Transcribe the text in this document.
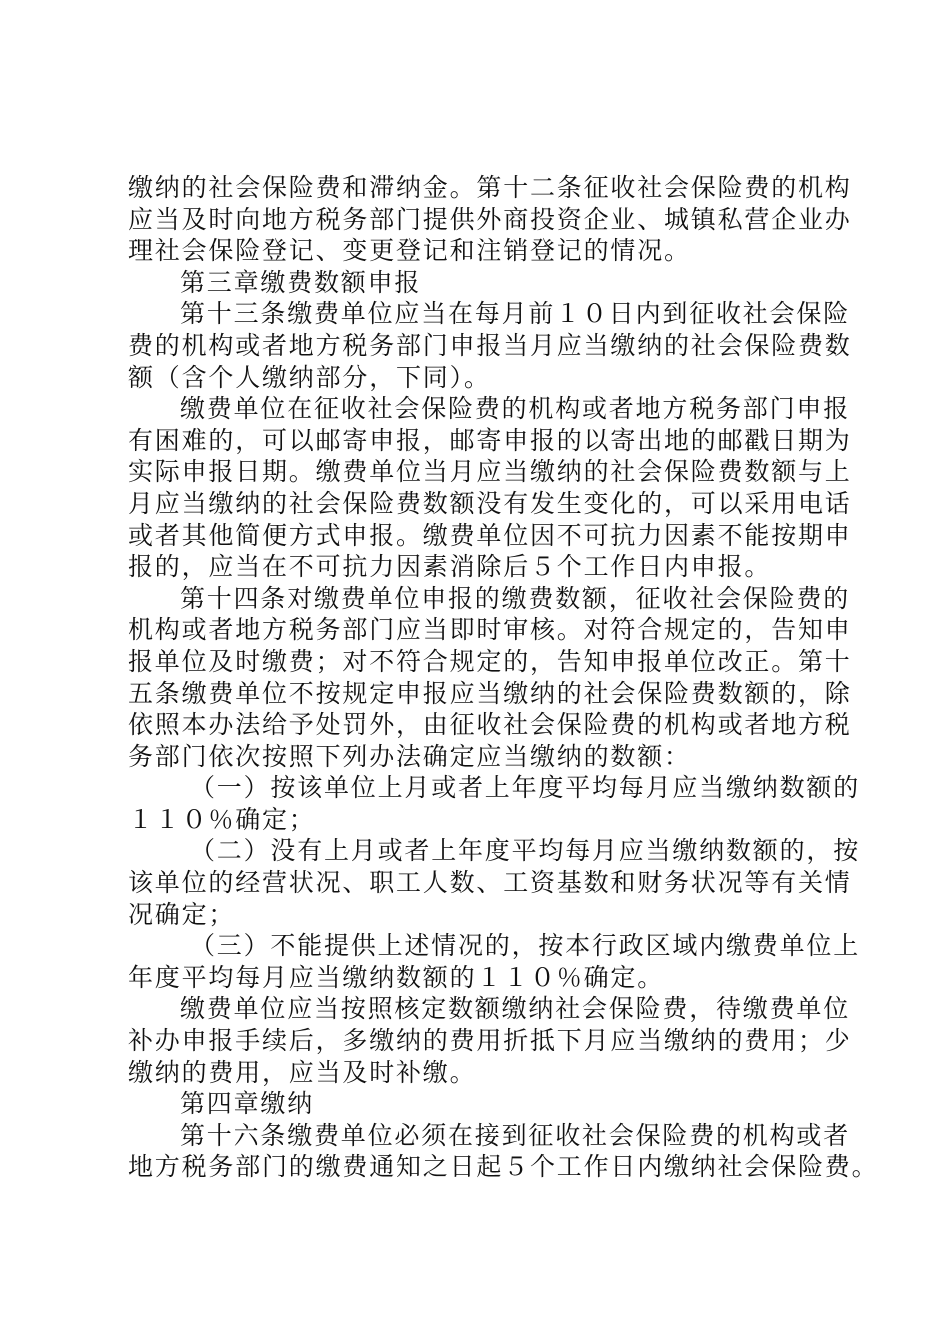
缴纳的社会保险费和滞纳金。第十二条征收社会保险费的机构
应当及时向地方税务部门提供外商投资企业、城镇私营企业办
理社会保险登记、变更登记和注销登记的情况。
第三章缴费数额申报
第十三条缴费单位应当在每月前１０日内到征收社会保险
费的机构或者地方税务部门申报当月应当缴纳的社会保险费数
额（含个人缴纳部分，下同）。
缴费单位在征收社会保险费的机构或者地方税务部门申报
有困难的，可以邮寄申报，邮寄申报的以寄出地的邮戳日期为
实际申报日期。缴费单位当月应当缴纳的社会保险费数额与上
月应当缴纳的社会保险费数额没有发生变化的，可以采用电话
或者其他简便方式申报。缴费单位因不可抗力因素不能按期申
报的，应当在不可抗力因素消除后５个工作日内申报。
第十四条对缴费单位申报的缴费数额，征收社会保险费的
机构或者地方税务部门应当即时审核。对符合规定的，告知申
报单位及时缴费；对不符合规定的，告知申报单位改正。第十
五条缴费单位不按规定申报应当缴纳的社会保险费数额的，除
依照本办法给予处罚外，由征收社会保险费的机构或者地方税
务部门依次按照下列办法确定应当缴纳的数额：
（一）按该单位上月或者上年度平均每月应当缴纳数额的
１１０％确定；
（二）没有上月或者上年度平均每月应当缴纳数额的，按
该单位的经营状况、职工人数、工资基数和财务状况等有关情
况确定；
（三）不能提供上述情况的，按本行政区域内缴费单位上
年度平均每月应当缴纳数额的１１０％确定。
缴费单位应当按照核定数额缴纳社会保险费，待缴费单位
补办申报手续后，多缴纳的费用折抵下月应当缴纳的费用；少
缴纳的费用，应当及时补缴。
第四章缴纳
第十六条缴费单位必须在接到征收社会保险费的机构或者
地方税务部门的缴费通知之日起５个工作日内缴纳社会保险费。
